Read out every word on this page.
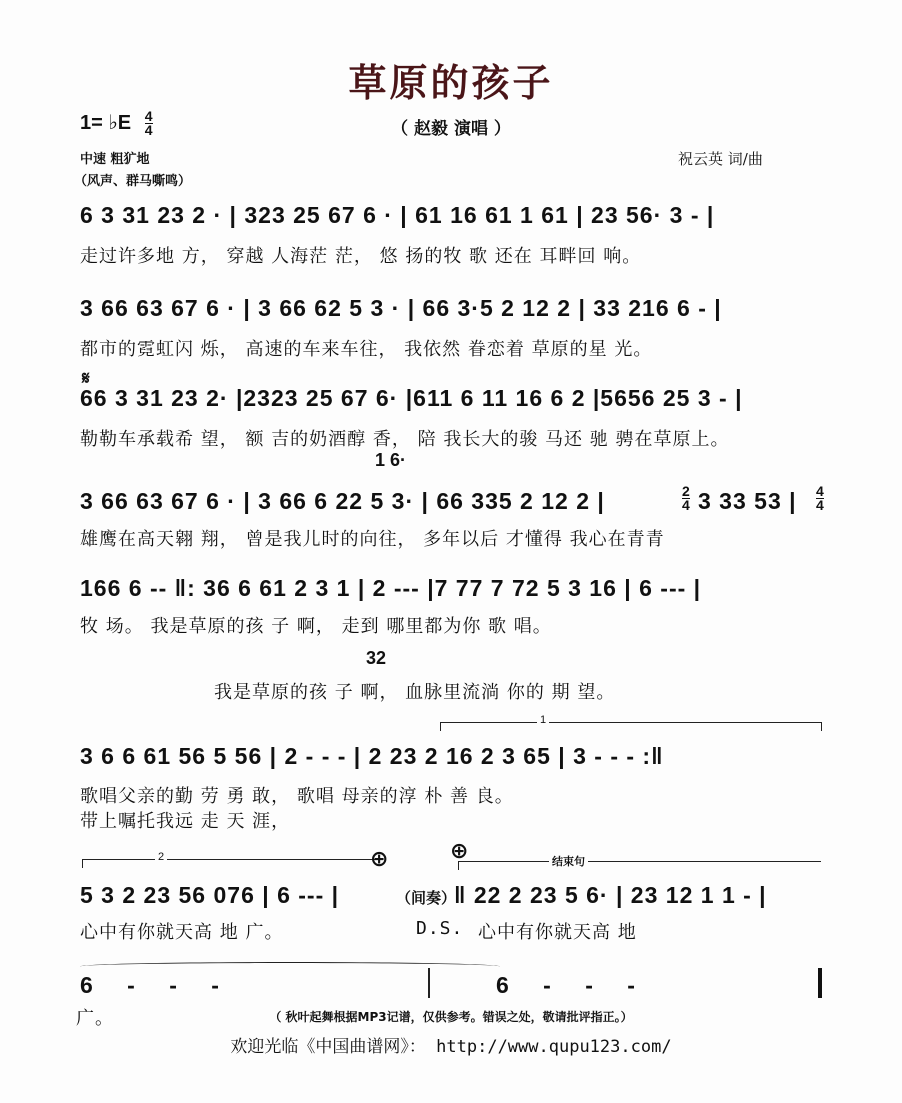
草原的孩子
1= ♭E $\frac{4}{4}$	（ 赵毅 演唱 ）
中速 粗犷地
（风声、群马嘶鸣）
祝云英 词/曲
6 3 31 23 2 · | 323 25 67 6 · | 61 16 61 1 61 | 23 56· 3 - |
走过许多地 方， 穿越 人海茫 茫， 悠 扬的牧 歌 还在 耳畔回 响。
3 66 63 67 6 · | 3 66 62 5 3 · | 66 3·5 2 12 2 | 33 216 6 - |
都市的霓虹闪 烁， 高速的车来车往， 我依然 眷恋着 草原的星 光。
𝄋
66 3 31 23 2· |2323 25 67 6· |611 6 11 16 6 2 |5656 25 3 - |
勒勒车承载希 望， 额 吉的奶酒醇 香， 陪 我长大的骏 马还 驰 骋在草原上。
1 6·
3 66 63 67 6 · | 3 66 6 22 5 3· | 66 335 2 12 2 |	$\frac{2}{4} 3$ 33 53 | $\frac{4}{4}$
雄鹰在高天翱 翔， 曾是我儿时的向往， 多年以后 才懂得 我心在青青
166 6 -- ‖: 36 6 61 2 3 1 | 2 --- |7 77 7 72 5 3 16 | 6 --- |
牧 场。 我是草原的孩 子 啊， 走到 哪里都为你 歌 唱。
32
我是草原的孩 子 啊， 血脉里流淌 你的 期 望。
1
3 6 6 61 56 5 56 | 2 - - - | 2 23 2 16 2 3 65 | 3 - - - :‖
歌唱父亲的勤 劳 勇 敢， 歌唱 母亲的淳 朴 善 良。
带上嘱托我远 走 天 涯，
2	⊕	⊕	结束句
5 3 2 23 56 076 | 6 --- |	（间奏）
‖ 22 2 23 5 6· | 23 12 1 1 - |
心中有你就天高 地 广。	D.S. 心中有你就天高 地
6 - - -	6 - - -
广。	（ 秋叶起舞根据MP3记谱，仅供参考。错误之处，敬请批评指正。）
欢迎光临《中国曲谱网》： http://www.qupu123.com/
